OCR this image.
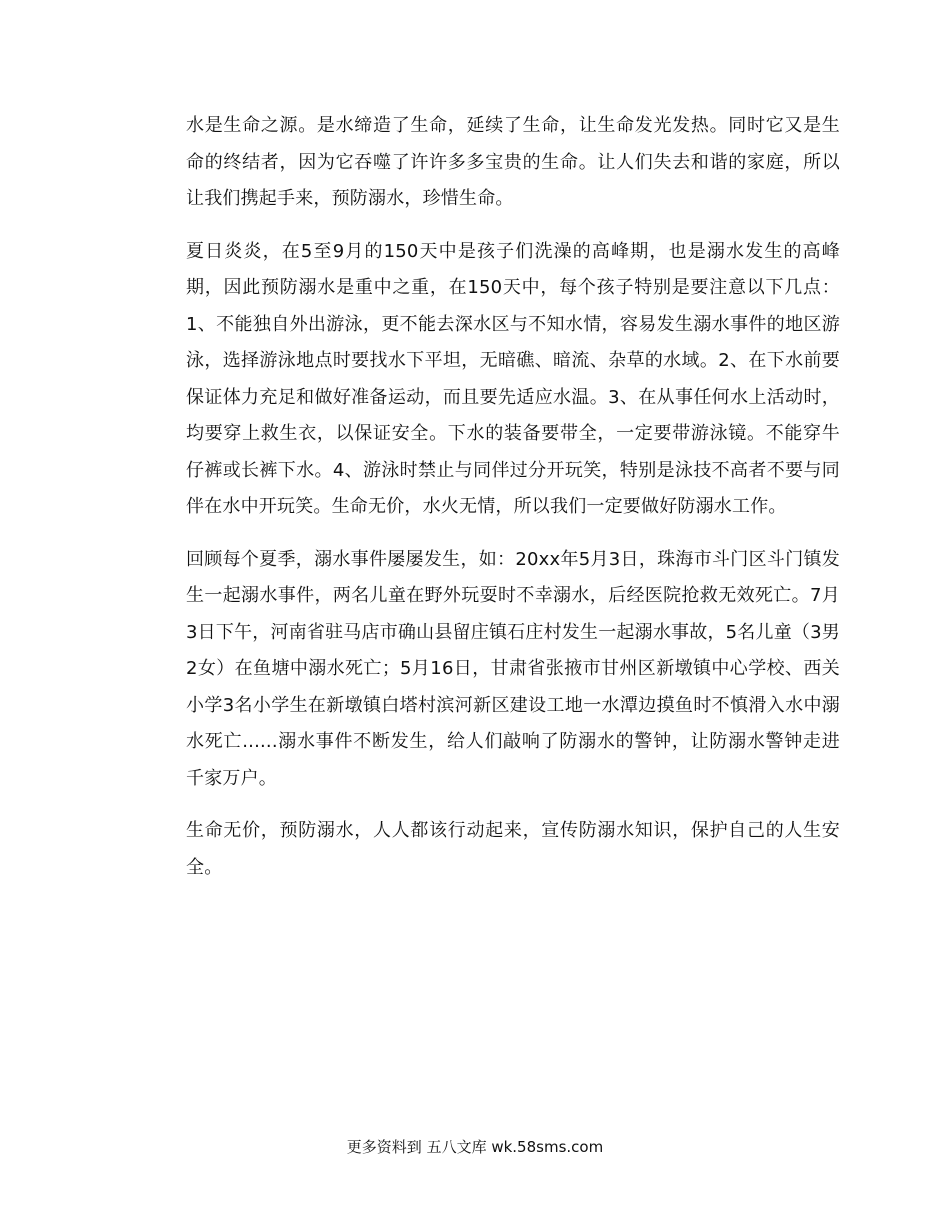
水是生命之源。是水缔造了生命，延续了生命，让生命发光发热。同时它又是生命的终结者，因为它吞噬了许许多多宝贵的生命。让人们失去和谐的家庭，所以让我们携起手来，预防溺水，珍惜生命。

夏日炎炎，在5至9月的150天中是孩子们洗澡的高峰期，也是溺水发生的高峰期，因此预防溺水是重中之重，在150天中，每个孩子特别是要注意以下几点：1、不能独自外出游泳，更不能去深水区与不知水情，容易发生溺水事件的地区游泳，选择游泳地点时要找水下平坦，无暗礁、暗流、杂草的水域。2、在下水前要保证体力充足和做好准备运动，而且要先适应水温。3、在从事任何水上活动时，均要穿上救生衣，以保证安全。下水的装备要带全，一定要带游泳镜。不能穿牛仔裤或长裤下水。4、游泳时禁止与同伴过分开玩笑，特别是泳技不高者不要与同伴在水中开玩笑。生命无价，水火无情，所以我们一定要做好防溺水工作。

回顾每个夏季，溺水事件屡屡发生，如：20xx年5月3日，珠海市斗门区斗门镇发生一起溺水事件，两名儿童在野外玩耍时不幸溺水，后经医院抢救无效死亡。7月3日下午，河南省驻马店市确山县留庄镇石庄村发生一起溺水事故，5名儿童（3男2女）在鱼塘中溺水死亡；5月16日，甘肃省张掖市甘州区新墩镇中心学校、西关小学3名小学生在新墩镇白塔村滨河新区建设工地一水潭边摸鱼时不慎滑入水中溺水死亡......溺水事件不断发生，给人们敲响了防溺水的警钟，让防溺水警钟走进千家万户。

生命无价，预防溺水，人人都该行动起来，宣传防溺水知识，保护自己的人生安全。

更多资料到 五八文库 wk.58sms.com
